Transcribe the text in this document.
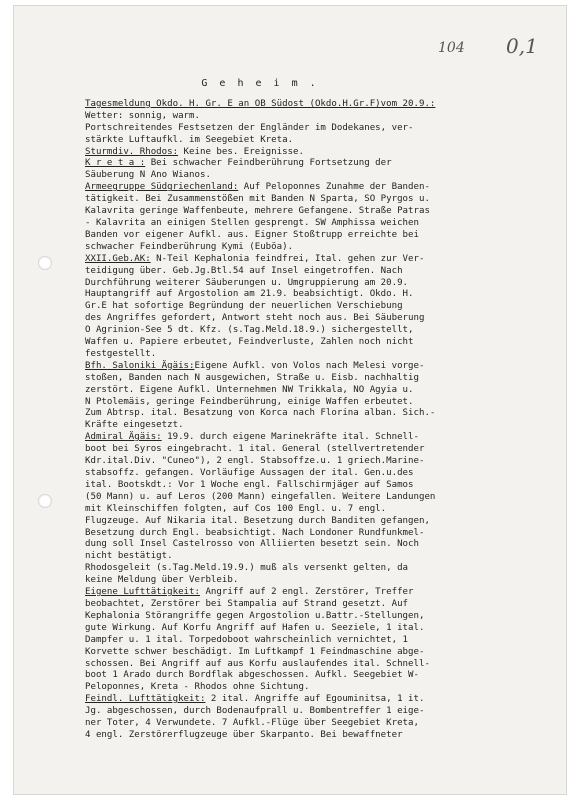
104 0,1
G e h e i m .
Tagesmeldung Okdo. H. Gr. E an OB Südost (Okdo.H.Gr.F)vom 20.9.:
Wetter: sonnig, warm.
Portschreitendes Festsetzen der Engländer im Dodekanes, ver-
stärkte Luftaufkl. im Seegebiet Kreta.
Sturmdiv. Rhodos: Keine bes. Ereignisse.
K r e t a : Bei schwacher Feindberührung Fortsetzung der
Säuberung N Ano Wianos.
Armeegruppe Südgriechenland: Auf Peloponnes Zunahme der Banden-
tätigkeit. Bei Zusammenstößen mit Banden N Sparta, SO Pyrgos u.
Kalavrita geringe Waffenbeute, mehrere Gefangene. Straße Patras
- Kalavrita an einigen Stellen gesprengt. SW Amphissa weichen
Banden vor eigener Aufkl. aus. Eigner Stoßtrupp erreichte bei
schwacher Feindberührung Kymi (Euböa).
XXII.Geb.AK: N-Teil Kephalonia feindfrei, Ital. gehen zur Ver-
teidigung über. Geb.Jg.Btl.54 auf Insel eingetroffen. Nach
Durchführung weiterer Säuberungen u. Umgruppierung am 20.9.
Hauptangriff auf Argostolion am 21.9. beabsichtigt. Okdo. H.
Gr.E hat sofortige Begründung der neuerlichen Verschiebung
des Angriffes gefordert, Antwort steht noch aus. Bei Säuberung
O Agrinion-See 5 dt. Kfz. (s.Tag.Meld.18.9.) sichergestellt,
Waffen u. Papiere erbeutet, Feindverluste, Zahlen noch nicht
festgestellt.
Bfh. Saloniki Ägäis:Eigene Aufkl. von Volos nach Melesi vorge-
stoßen, Banden nach N ausgewichen, Straße u. Eisb. nachhaltig
zerstört. Eigene Aufkl. Unternehmen NW Trikkala, NO Agyia u.
N Ptolemäis, geringe Feindberührung, einige Waffen erbeutet.
Zum Abtrsp. ital. Besatzung von Korca nach Florina alban. Sich.-
Kräfte eingesetzt.
Admiral Ägäis: 19.9. durch eigene Marinekräfte ital. Schnell-
boot bei Syros eingebracht. 1 ital. General (stellvertretender
Kdr.ital.Div. "Cuneo"), 2 engl. Stabsoffze.u. 1 griech.Marine-
stabsoffz. gefangen. Vorläufige Aussagen der ital. Gen.u.des
ital. Bootskdt.: Vor 1 Woche engl. Fallschirmjäger auf Samos
(50 Mann) u. auf Leros (200 Mann) eingefallen. Weitere Landungen
mit Kleinschiffen folgten, auf Cos 100 Engl. u. 7 engl.
Flugzeuge. Auf Nikaria ital. Besetzung durch Banditen gefangen,
Besetzung durch Engl. beabsichtigt. Nach Londoner Rundfunkmel-
dung soll Insel Castelrosso von Alliierten besetzt sein. Noch
nicht bestätigt.
Rhodosgeleit (s.Tag.Meld.19.9.) muß als versenkt gelten, da
keine Meldung über Verbleib.
Eigene Lufttätigkeit: Angriff auf 2 engl. Zerstörer, Treffer
beobachtet, Zerstörer bei Stampalia auf Strand gesetzt. Auf
Kephalonia Störangriffe gegen Argostolion u.Battr.-Stellungen,
gute Wirkung. Auf Korfu Angriff auf Hafen u. Seeziele, 1 ital.
Dampfer u. 1 ital. Torpedoboot wahrscheinlich vernichtet, 1
Korvette schwer beschädigt. Im Luftkampf 1 Feindmaschine abge-
schossen. Bei Angriff auf aus Korfu auslaufendes ital. Schnell-
boot 1 Arado durch Bordflak abgeschossen. Aufkl. Seegebiet W-
Peloponnes, Kreta - Rhodos ohne Sichtung.
Feindl. Lufttätigkeit: 2 ital. Angriffe auf Egouminitsa, 1 it.
Jg. abgeschossen, durch Bodenaufprall u. Bombentreffer 1 eige-
ner Toter, 4 Verwundete. 7 Aufkl.-Flüge über Seegebiet Kreta,
4 engl. Zerstörerflugzeuge über Skarpanto. Bei bewaffneter
